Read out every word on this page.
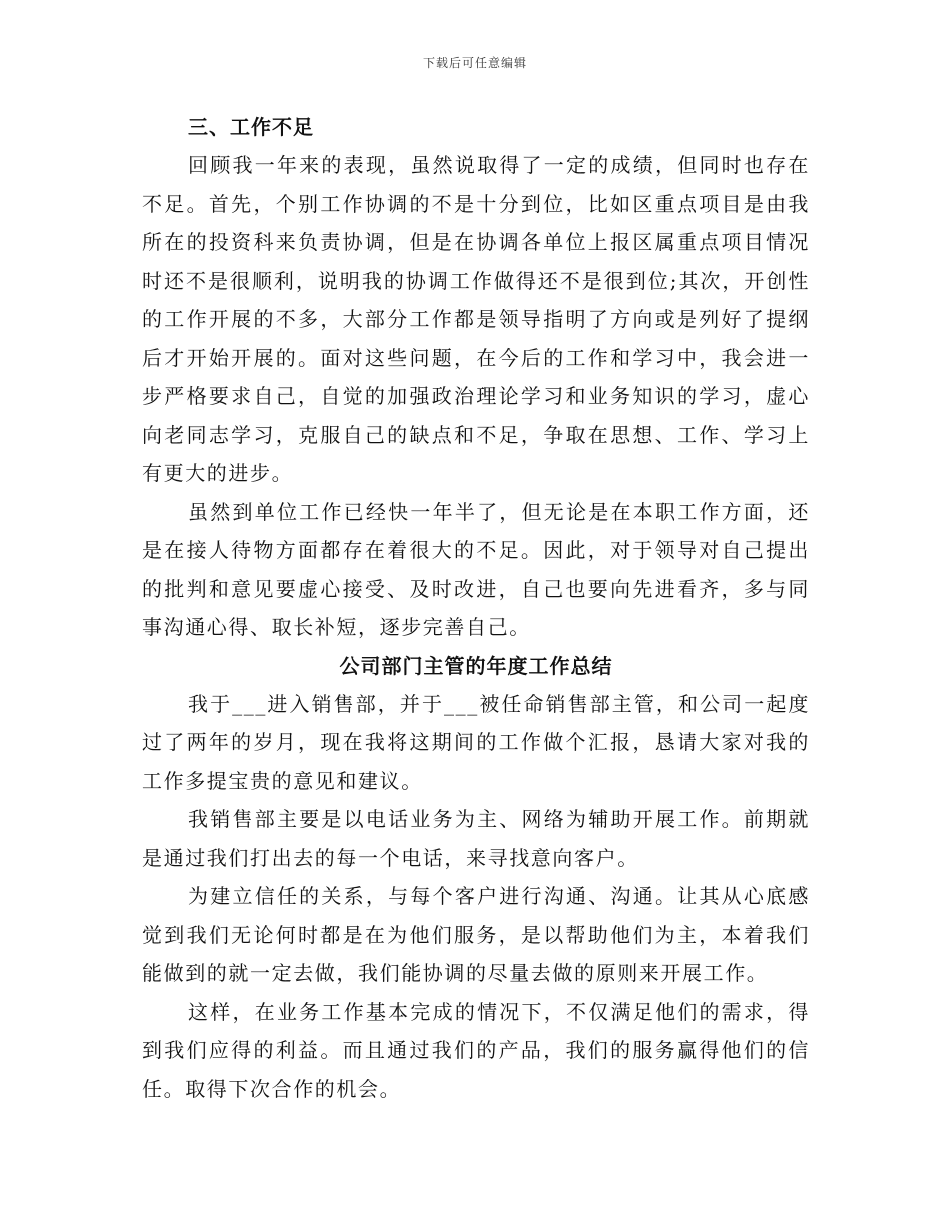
下载后可任意编辑
三、工作不足

回顾我一年来的表现，虽然说取得了一定的成绩，但同时也存在不足。首先，个别工作协调的不是十分到位，比如区重点项目是由我所在的投资科来负责协调，但是在协调各单位上报区属重点项目情况时还不是很顺利，说明我的协调工作做得还不是很到位;其次，开创性的工作开展的不多，大部分工作都是领导指明了方向或是列好了提纲后才开始开展的。面对这些问题，在今后的工作和学习中，我会进一步严格要求自己，自觉的加强政治理论学习和业务知识的学习，虚心向老同志学习，克服自己的缺点和不足，争取在思想、工作、学习上有更大的进步。

虽然到单位工作已经快一年半了，但无论是在本职工作方面，还是在接人待物方面都存在着很大的不足。因此，对于领导对自己提出的批判和意见要虚心接受、及时改进，自己也要向先进看齐，多与同事沟通心得、取长补短，逐步完善自己。

公司部门主管的年度工作总结

我于___进入销售部，并于___被任命销售部主管，和公司一起度过了两年的岁月，现在我将这期间的工作做个汇报，恳请大家对我的工作多提宝贵的意见和建议。

我销售部主要是以电话业务为主、网络为辅助开展工作。前期就是通过我们打出去的每一个电话，来寻找意向客户。

为建立信任的关系，与每个客户进行沟通、沟通。让其从心底感觉到我们无论何时都是在为他们服务，是以帮助他们为主，本着我们能做到的就一定去做，我们能协调的尽量去做的原则来开展工作。

这样，在业务工作基本完成的情况下，不仅满足他们的需求，得到我们应得的利益。而且通过我们的产品，我们的服务赢得他们的信任。取得下次合作的机会。
